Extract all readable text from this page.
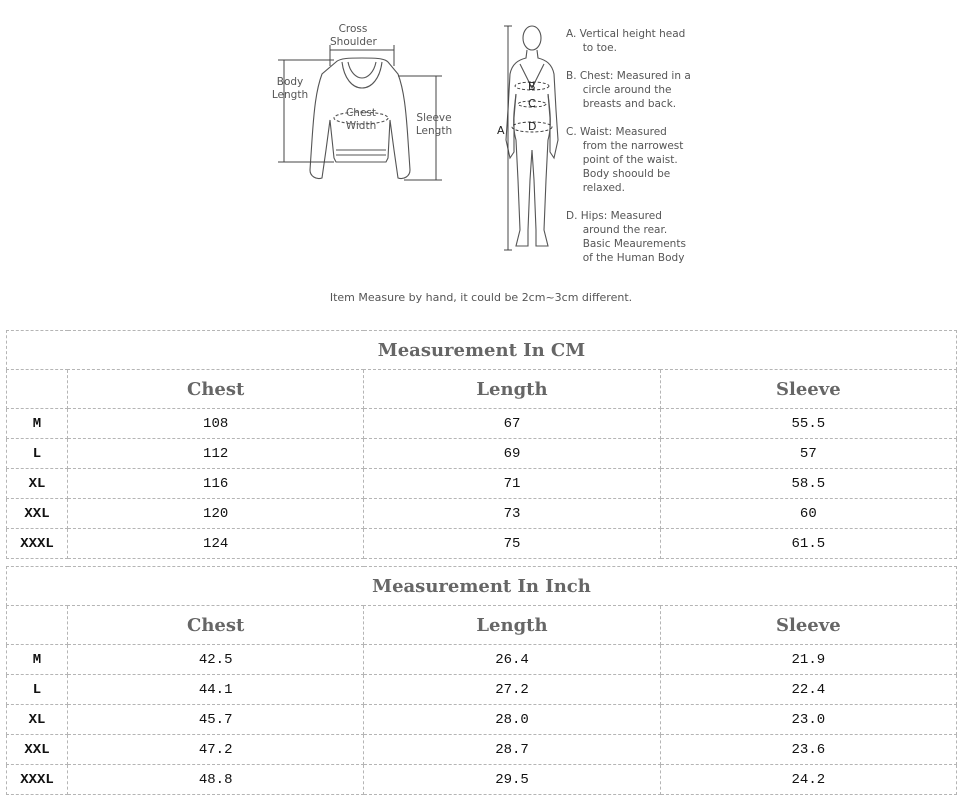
Cross
Shoulder
Body
Length
Chest
Width
Sleeve
Length	A
B
C
D
A. Vertical height head
to toe.
B. Chest: Measured in a
circle around the
breasts and back.
C. Waist: Measured
from the narrowest
point of the waist.
Body shoould be
relaxed.
D. Hips: Measured
around the rear.
Basic Meaurements
of the Human Body
Item Measure by hand, it could be 2cm~3cm different.
Measurement In CM			
	Chest	Length	Sleeve
M	108	67	55.5
L	112	69	57
XL	116	71	58.5
XXL	120	73	60
XXXL	124	75	61.5
Measurement In Inch			
	Chest	Length	Sleeve
M	42.5	26.4	21.9
L	44.1	27.2	22.4
XL	45.7	28.0	23.0
XXL	47.2	28.7	23.6
XXXL	48.8	29.5	24.2
